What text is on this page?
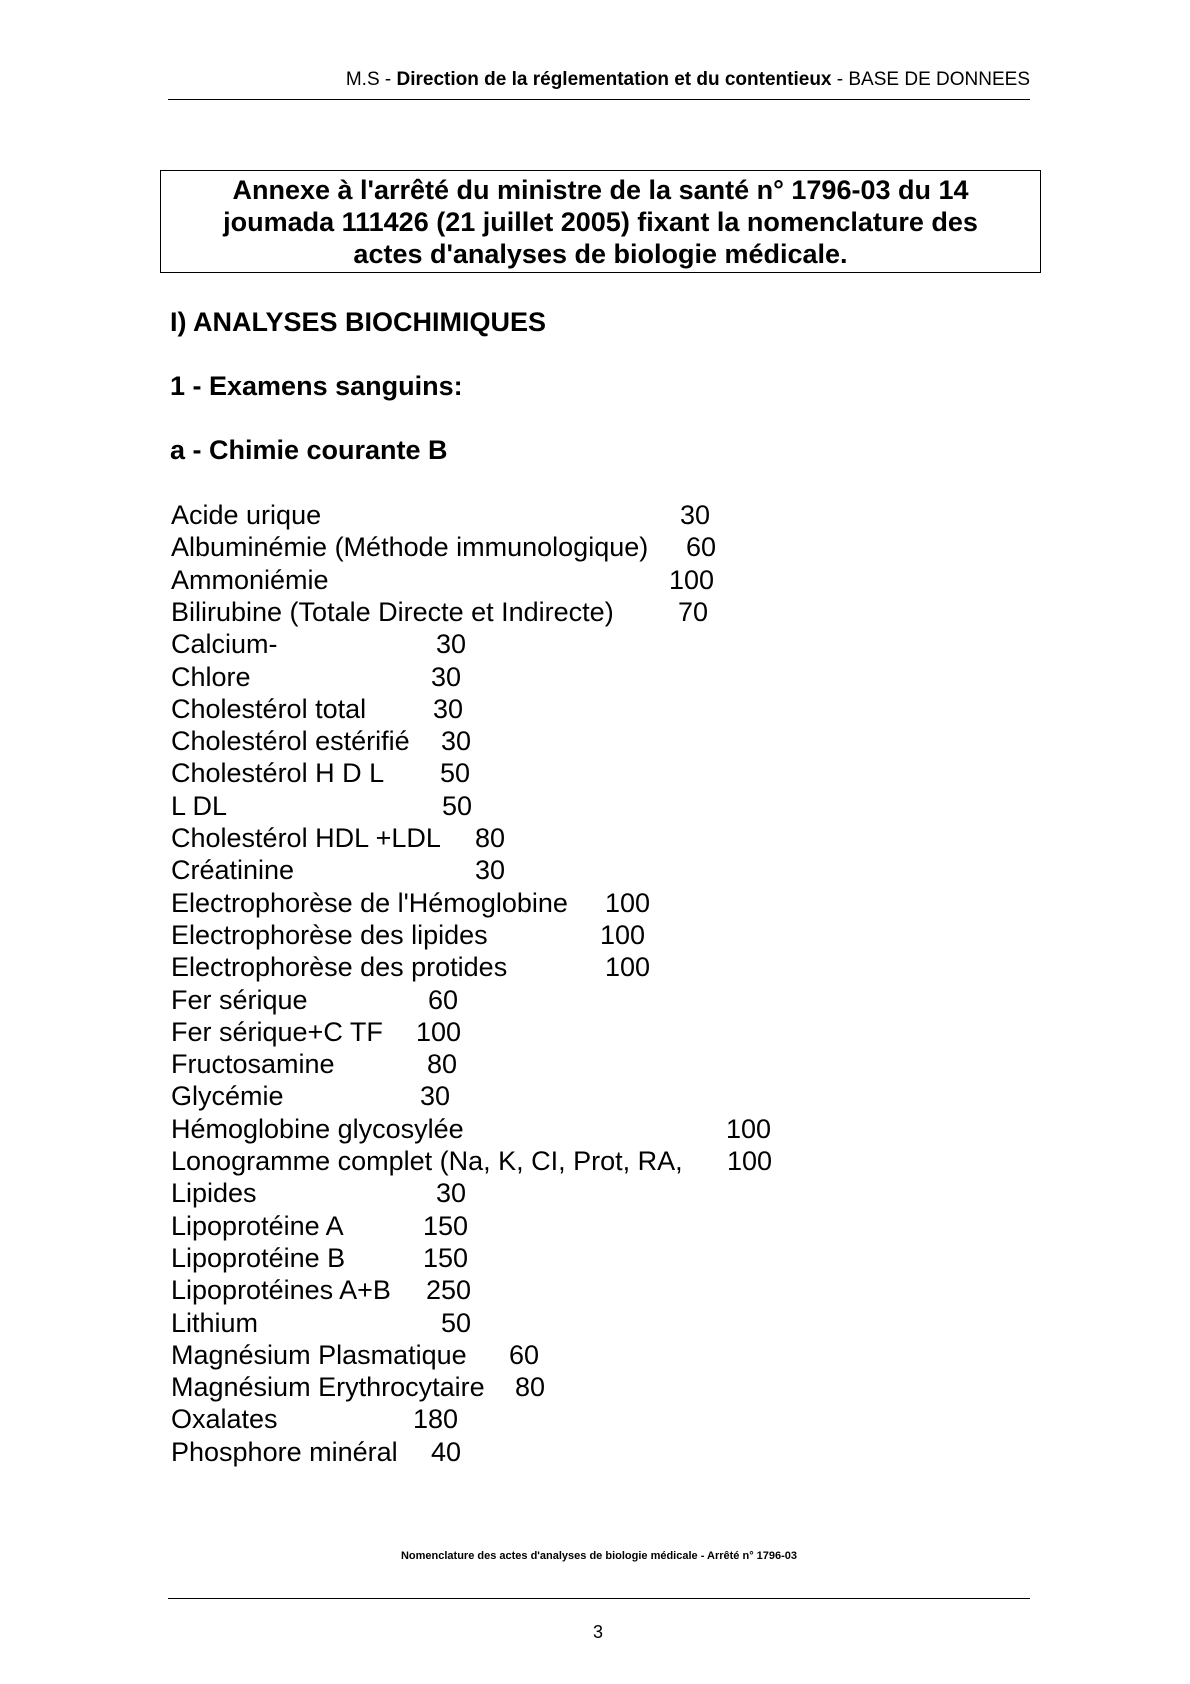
M.S - Direction de la réglementation et du contentieux - BASE DE DONNEES
Annexe à l'arrêté du ministre de la santé n° 1796-03 du 14 joumada 111426 (21 juillet 2005) fixant la nomenclature des actes d'analyses de biologie médicale.
I) ANALYSES BIOCHIMIQUES
1 - Examens sanguins:
a - Chimie courante B
Acide urique	30
Albuminémie (Méthode immunologique)	60
Ammoniémie	100
Bilirubine (Totale Directe et Indirecte)	70
Calcium-	30
Chlore	30
Cholestérol total	30
Cholestérol estérifié	30
Cholestérol H D L	50
L DL	50
Cholestérol HDL +LDL	80
Créatinine	30
Electrophorèse de l'Hémoglobine	100
Electrophorèse des lipides	100
Electrophorèse des protides	100
Fer sérique	60
Fer sérique+C TF	100
Fructosamine	80
Glycémie	30
Hémoglobine glycosylée	100
Lonogramme complet (Na, K, CI, Prot, RA,	100
Lipides	30
Lipoprotéine A	150
Lipoprotéine B	150
Lipoprotéines A+B	250
Lithium	50
Magnésium Plasmatique	60
Magnésium Erythrocytaire	80
Oxalates	180
Phosphore minéral	40
Nomenclature des actes d'analyses de biologie médicale - Arrêté n° 1796-03
3
